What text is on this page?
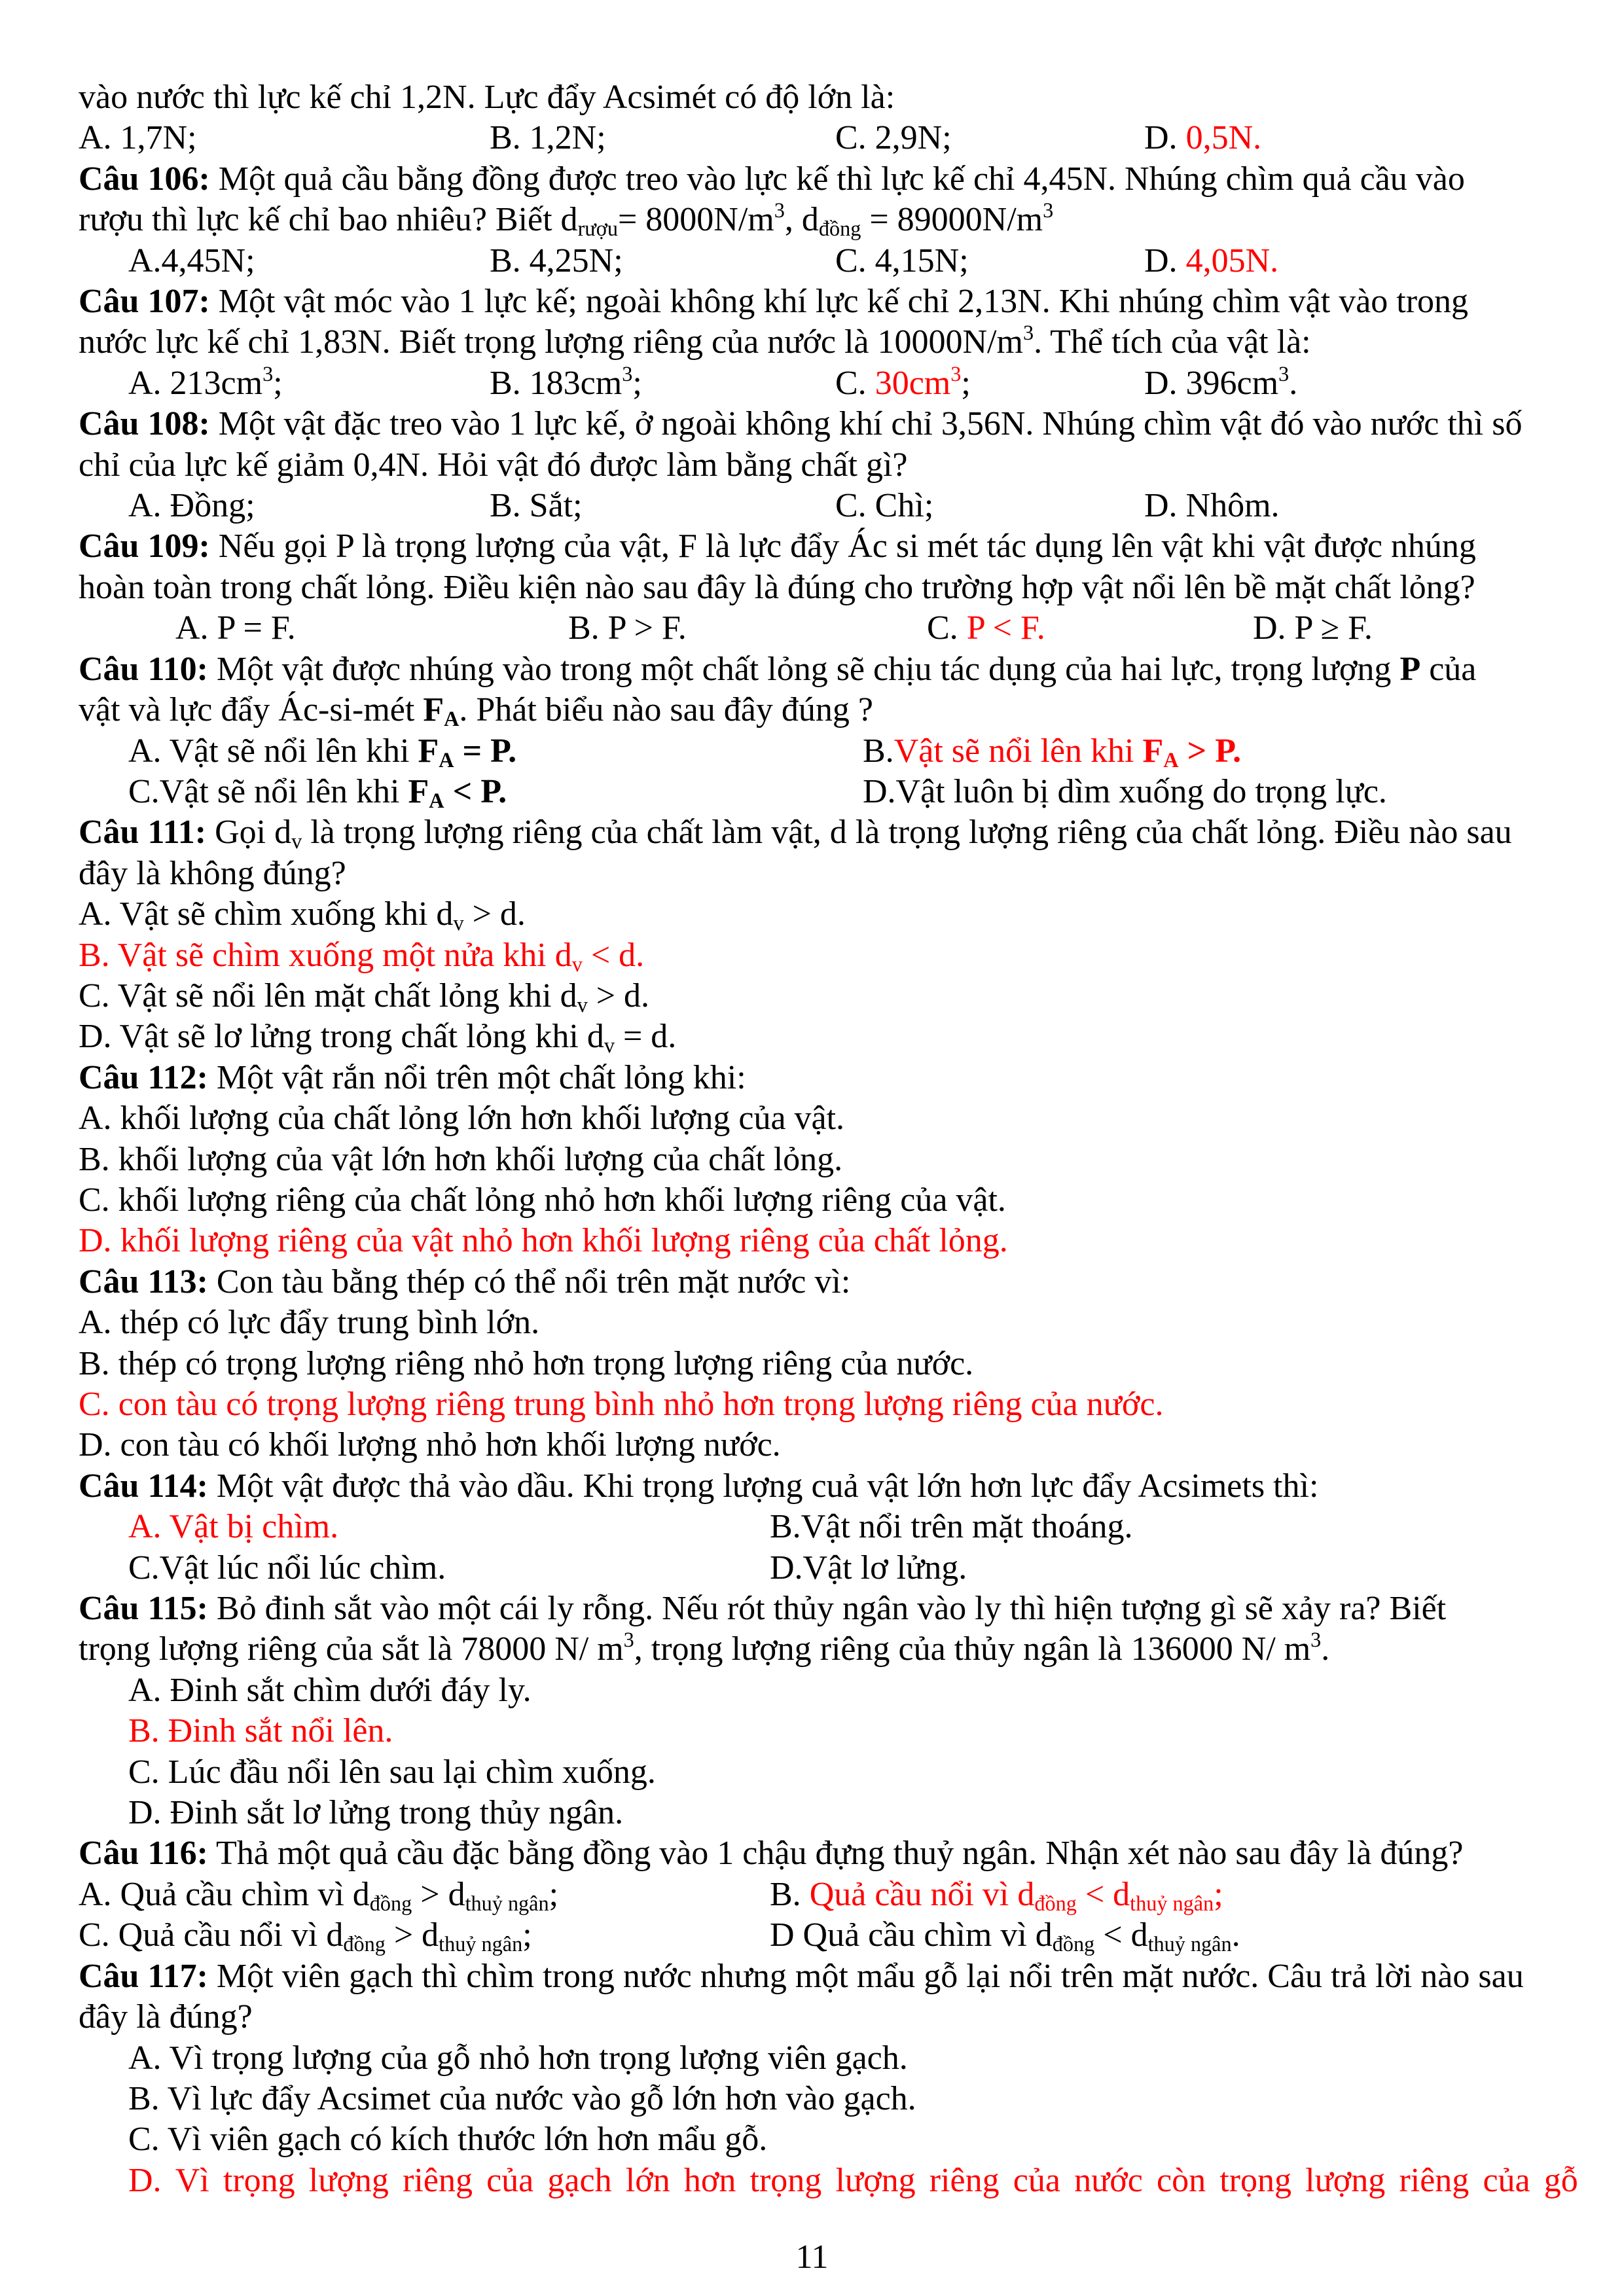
vào nước thì lực kế chỉ 1,2N. Lực đẩy Acsimét có độ lớn là:
A. 1,7N;	B. 1,2N;	C. 2,9N;	D. 0,5N.
Câu 106: Một quả cầu bằng đồng được treo vào lực kế thì lực kế chỉ 4,45N. Nhúng chìm quả cầu vào
rượu thì lực kế chỉ bao nhiêu? Biết $d_{rượu}= 8000N/m^3$, $d_{đồng} = 89000N/m^3$
A.4,45N;	B. 4,25N;	C. 4,15N;	D. 4,05N.
Câu 107: Một vật móc vào 1 lực kế; ngoài không khí lực kế chỉ 2,13N. Khi nhúng chìm vật vào trong
nước lực kế chỉ 1,83N. Biết trọng lượng riêng của nước là $10000N/m^3$. Thể tích của vật là:
A. $213cm^3$;	B. $183cm^3$;	C. $30cm^3$;	D. $396cm^3$.
Câu 108: Một vật đặc treo vào 1 lực kế, ở ngoài không khí chỉ 3,56N. Nhúng chìm vật đó vào nước thì số
chỉ của lực kế giảm 0,4N. Hỏi vật đó được làm bằng chất gì?
A. Đồng;	B. Sắt;	C. Chì;	D. Nhôm.
Câu 109: Nếu gọi P là trọng lượng của vật, F là lực đẩy Ác si mét tác dụng lên vật khi vật được nhúng
hoàn toàn trong chất lỏng. Điều kiện nào sau đây là đúng cho trường hợp vật nổi lên bề mặt chất lỏng?
A. P = F.	B. P > F.	C. P < F.	D. P ≥ F.
Câu 110: Một vật được nhúng vào trong một chất lỏng sẽ chịu tác dụng của hai lực, trọng lượng P của
vật và lực đẩy Ác-si-mét $F_A$. Phát biểu nào sau đây đúng ?
A. Vật sẽ nổi lên khi $F_A = P$.	B.Vật sẽ nổi lên khi $F_A > P$.
C.Vật sẽ nổi lên khi $F_A < P$.	D.Vật luôn bị dìm xuống do trọng lực.
Câu 111: Gọi $d_v$ là trọng lượng riêng của chất làm vật, d là trọng lượng riêng của chất lỏng. Điều nào sau
đây là không đúng?
A. Vật sẽ chìm xuống khi $d_v > d$.
B. Vật sẽ chìm xuống một nửa khi $d_v < d$.
C. Vật sẽ nổi lên mặt chất lỏng khi $d_v > d$.
D. Vật sẽ lơ lửng trong chất lỏng khi $d_v = d$.
Câu 112: Một vật rắn nổi trên một chất lỏng khi:
A. khối lượng của chất lỏng lớn hơn khối lượng của vật.
B. khối lượng của vật lớn hơn khối lượng của chất lỏng.
C. khối lượng riêng của chất lỏng nhỏ hơn khối lượng riêng của vật.
D. khối lượng riêng của vật nhỏ hơn khối lượng riêng của chất lỏng.
Câu 113: Con tàu bằng thép có thể nổi trên mặt nước vì:
A. thép có lực đẩy trung bình lớn.
B. thép có trọng lượng riêng nhỏ hơn trọng lượng riêng của nước.
C. con tàu có trọng lượng riêng trung bình nhỏ hơn trọng lượng riêng của nước.
D. con tàu có khối lượng nhỏ hơn khối lượng nước.
Câu 114: Một vật được thả vào dầu. Khi trọng lượng cuả vật lớn hơn lực đẩy Acsimets thì:
A. Vật bị chìm.	B.Vật nổi trên mặt thoáng.
C.Vật lúc nổi lúc chìm.	D.Vật lơ lửng.
Câu 115: Bỏ đinh sắt vào một cái ly rỗng. Nếu rót thủy ngân vào ly thì hiện tượng gì sẽ xảy ra? Biết
trọng lượng riêng của sắt là 78000 N/ $m^3$, trọng lượng riêng của thủy ngân là 136000 N/ $m^3$.
A. Đinh sắt chìm dưới đáy ly.
B. Đinh sắt nổi lên.
C. Lúc đầu nổi lên sau lại chìm xuống.
D. Đinh sắt lơ lửng trong thủy ngân.
Câu 116: Thả một quả cầu đặc bằng đồng vào 1 chậu đựng thuỷ ngân. Nhận xét nào sau đây là đúng?
A. Quả cầu chìm vì $d_{đồng} > d_{thuỷ ngân}$;	B. Quả cầu nổi vì $d_{đồng} < d_{thuỷ ngân}$;
C. Quả cầu nổi vì $d_{đồng} > d_{thuỷ ngân}$;	D Quả cầu chìm vì $d_{đồng} < d_{thuỷ ngân}$.
Câu 117: Một viên gạch thì chìm trong nước nhưng một mẩu gỗ lại nổi trên mặt nước. Câu trả lời nào sau
đây là đúng?
A. Vì trọng lượng của gỗ nhỏ hơn trọng lượng viên gạch.
B. Vì lực đẩy Acsimet của nước vào gỗ lớn hơn vào gạch.
C. Vì viên gạch có kích thước lớn hơn mẩu gỗ.
D. Vì trọng lượng riêng của gạch lớn hơn trọng lượng riêng của nước còn trọng lượng riêng của gỗ
11
